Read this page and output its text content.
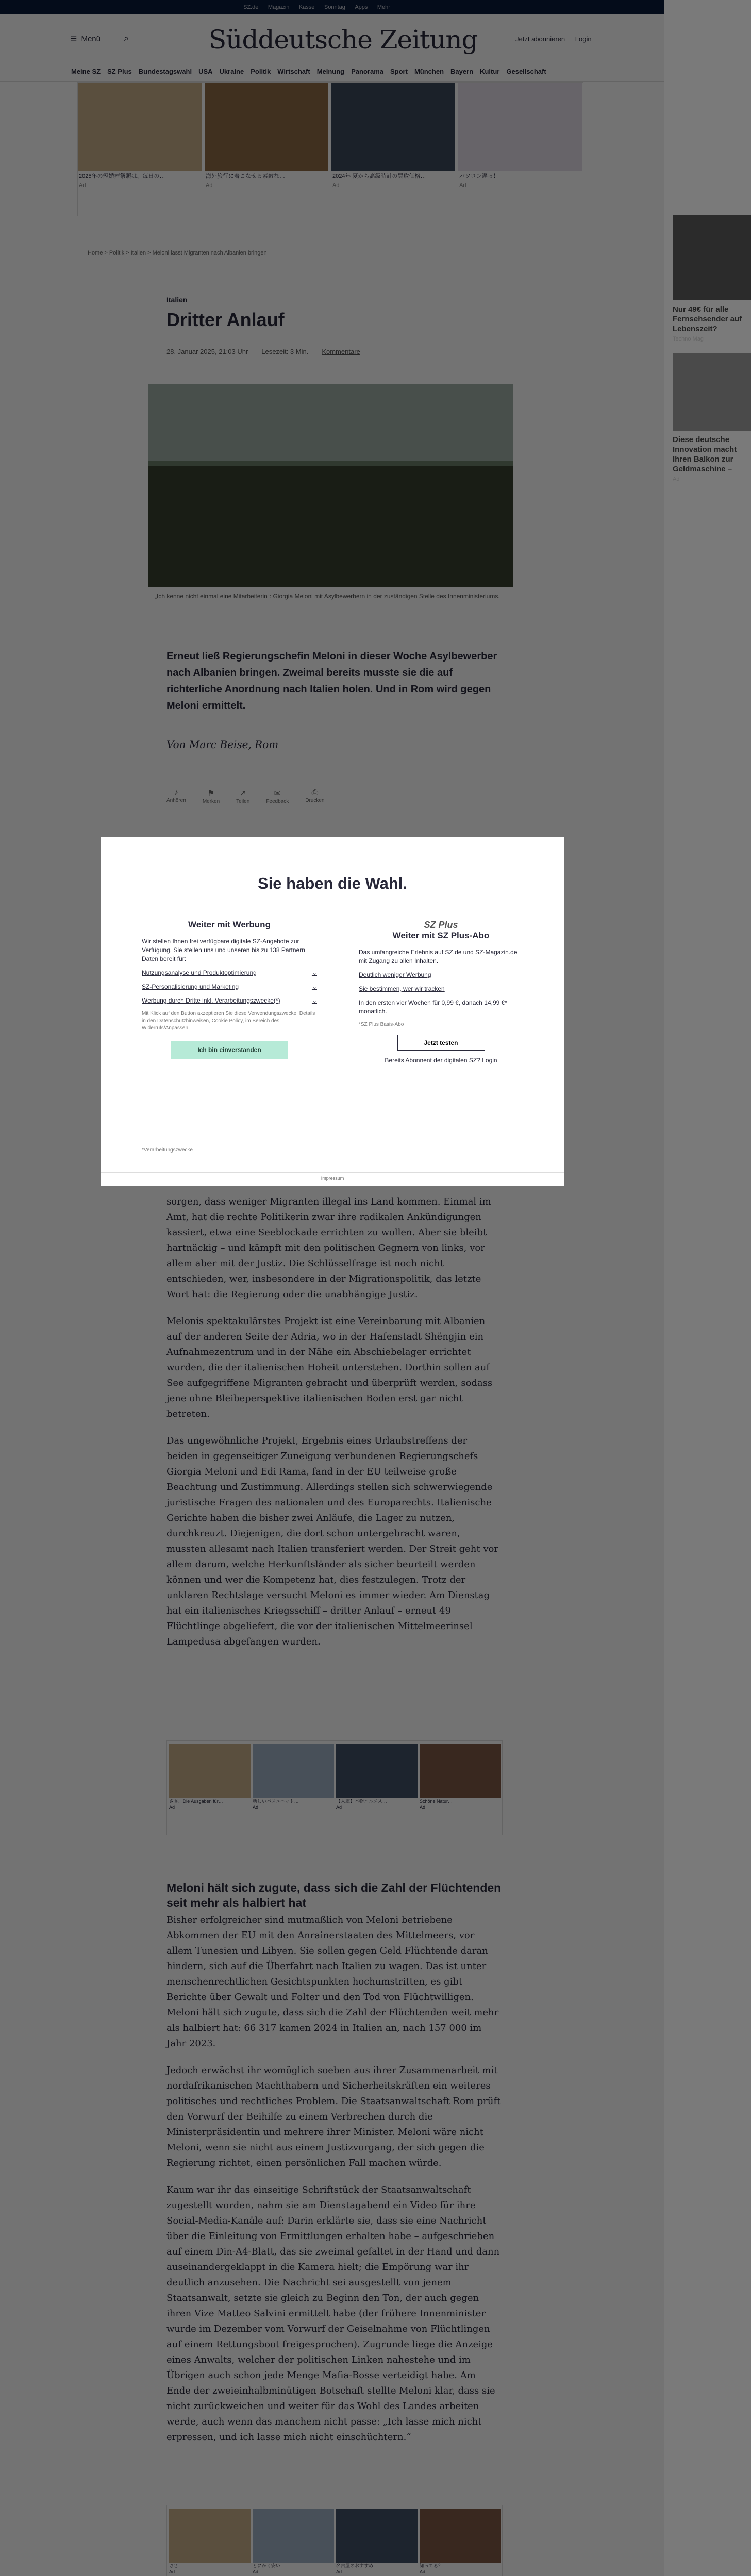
Nur 49€ für alle Fernsehsender auf Lebenszeit?
Techno Mag
Diese deutsche Innovation macht Ihren Balkon zur Geldmaschine –
Ad
Sie haben die Wahl.
Weiter mit Werbung

Wir stellen Ihnen frei verfügbare digitale SZ-Angebote zur Verfügung. Sie stellen uns und unseren bis zu 138 Partnern Daten bereit für:

Nutzungsanalyse und Produktoptimierung	⌄
SZ-Personalisierung und Marketing	⌄
Werbung durch Dritte inkl. Verarbeitungszwecke(*)	⌄
Mit Klick auf den Button akzeptieren Sie diese Verwendungszwecke. Details in den Datenschutzhinweisen, Cookie Policy, im Bereich des Widerrufs/Anpassen.
Ich bin einverstanden
SZ Plus
Weiter mit SZ Plus-Abo

Das umfangreiche Erlebnis auf SZ.de und SZ-Magazin.de mit Zugang zu allen Inhalten.

Deutlich weniger Werbung

Sie bestimmen, wer wir tracken

In den ersten vier Wochen für 0,99 €, danach 14,99 €* monatlich.

*SZ Plus Basis-Abo
Jetzt testen

Bereits Abonnent der digitalen SZ? Login

*Verarbeitungszwecke
Impressum
